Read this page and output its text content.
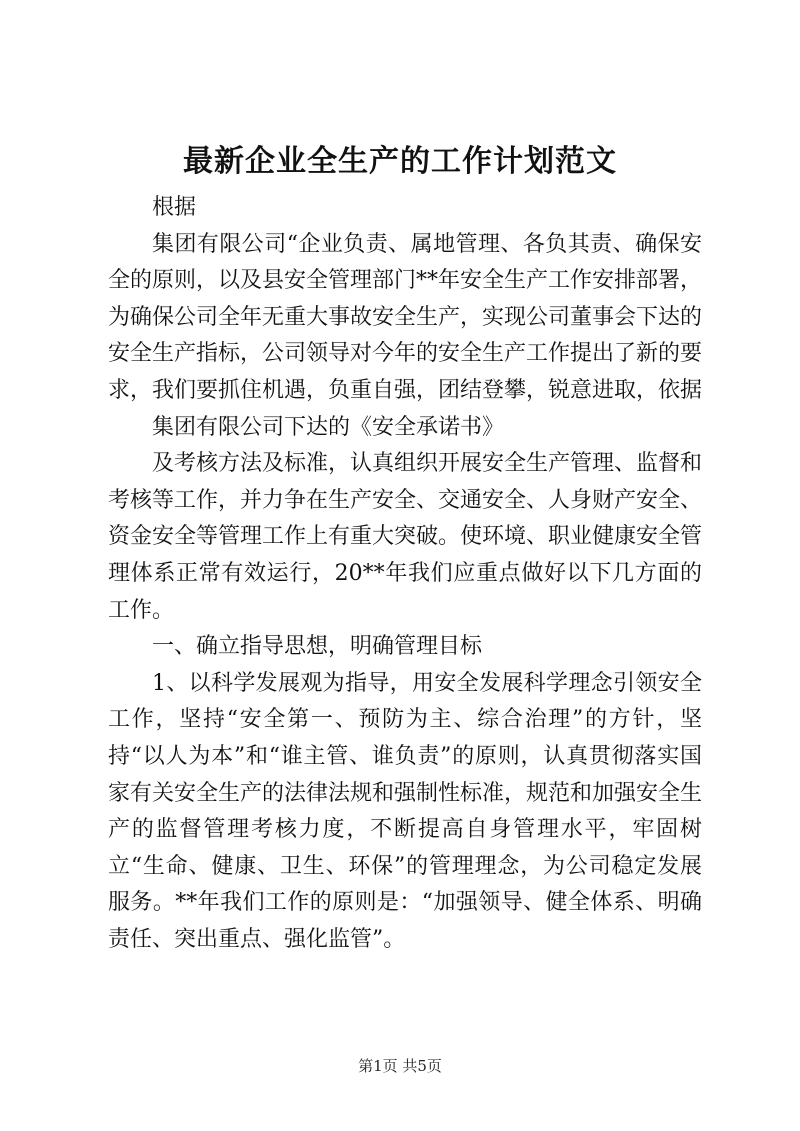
最新企业全生产的工作计划范文

根据

集团有限公司“企业负责、属地管理、各负其责、确保安全的原则，以及县安全管理部门**年安全生产工作安排部署，为确保公司全年无重大事故安全生产，实现公司董事会下达的安全生产指标，公司领导对今年的安全生产工作提出了新的要求，我们要抓住机遇，负重自强，团结登攀，锐意进取，依据

集团有限公司下达的《安全承诺书》

及考核方法及标准，认真组织开展安全生产管理、监督和考核等工作，并力争在生产安全、交通安全、人身财产安全、资金安全等管理工作上有重大突破。使环境、职业健康安全管理体系正常有效运行，20**年我们应重点做好以下几方面的工作。

一、确立指导思想，明确管理目标

1、以科学发展观为指导，用安全发展科学理念引领安全工作，坚持“安全第一、预防为主、综合治理”的方针，坚持“以人为本”和“谁主管、谁负责”的原则，认真贯彻落实国家有关安全生产的法律法规和强制性标准，规范和加强安全生产的监督管理考核力度，不断提高自身管理水平，牢固树立“生命、健康、卫生、环保”的管理理念，为公司稳定发展服务。**年我们工作的原则是：“加强领导、健全体系、明确责任、突出重点、强化监管”。

第1页 共5页
